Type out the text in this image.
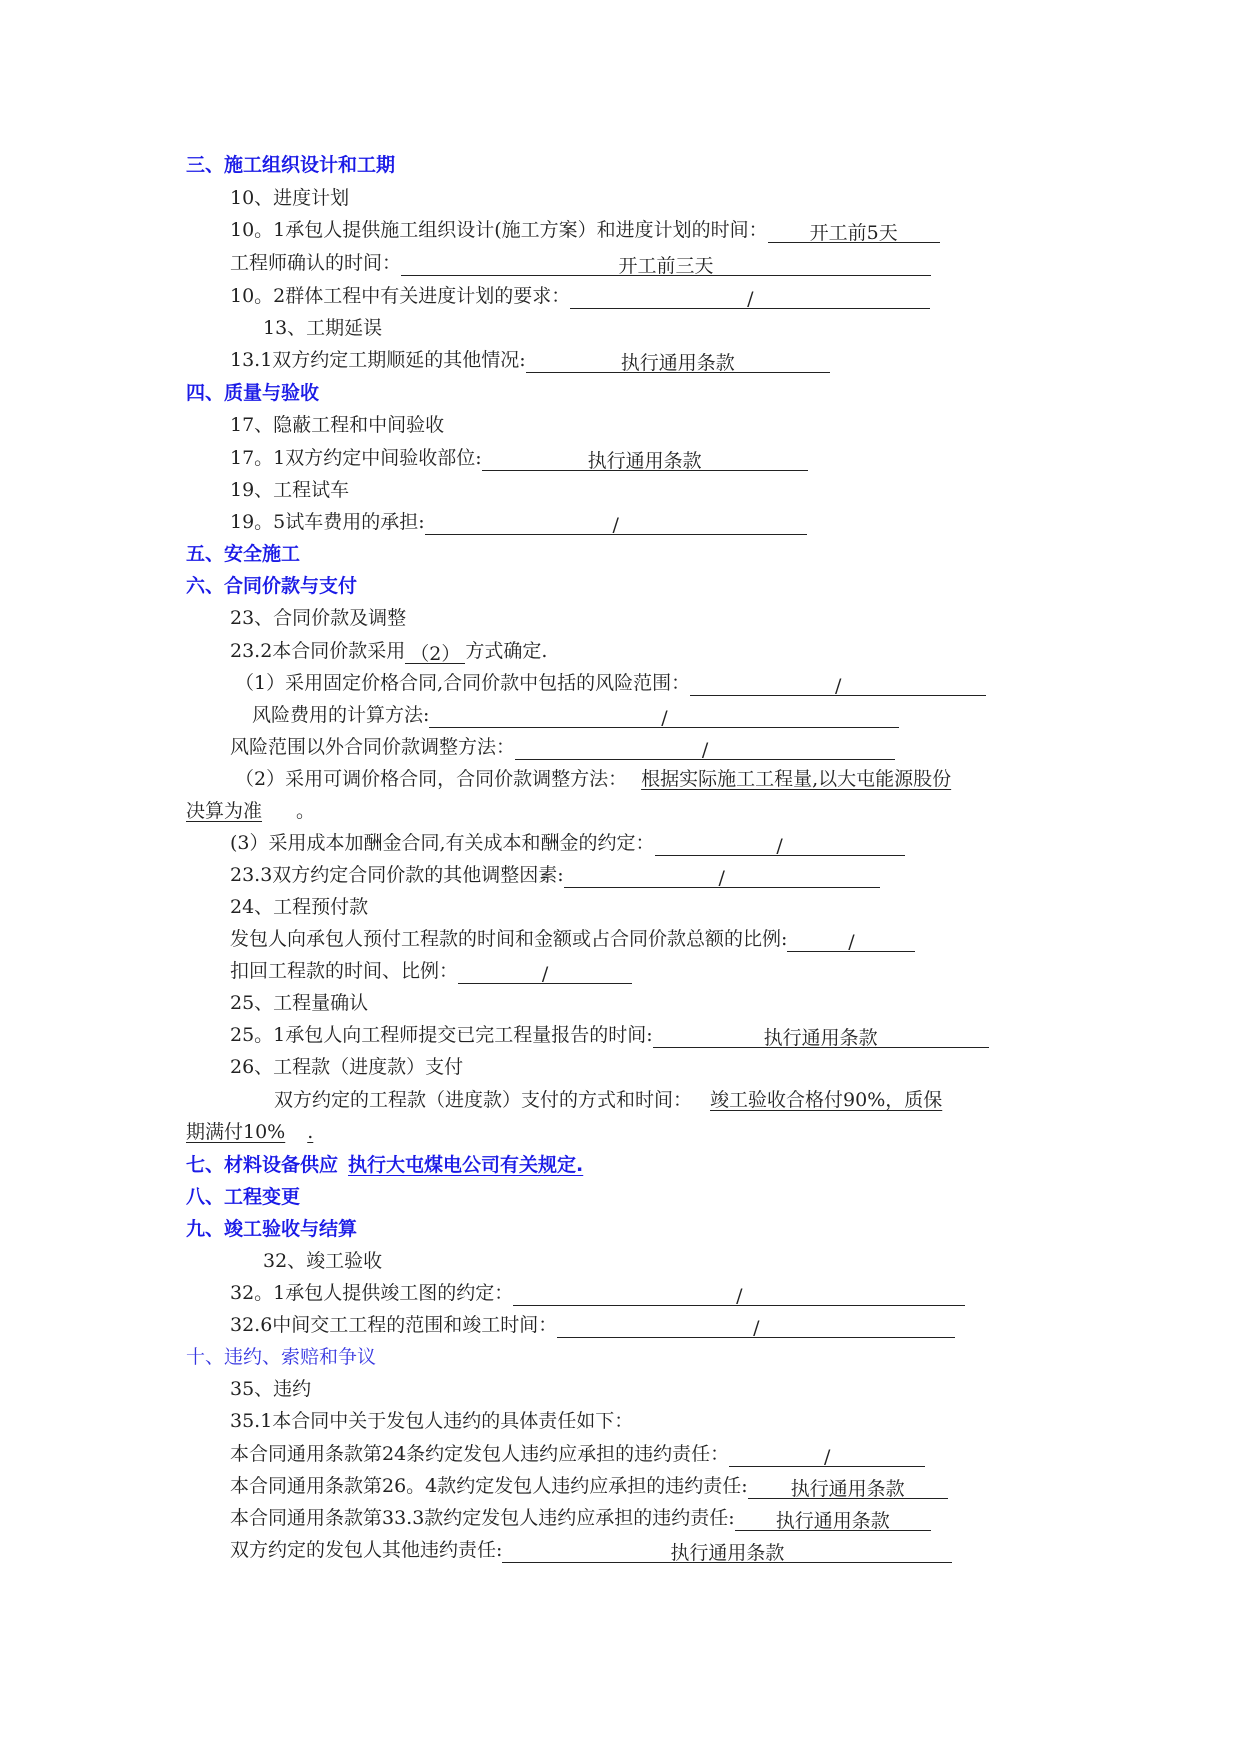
三、施工组织设计和工期
10、进度计划
10。1承包人提供施工组织设计(施工方案）和进度计划的时间： 开工前5天
工程师确认的时间：	开工前三天
10。2群体工程中有关进度计划的要求：	/
13、工期延误
13.1双方约定工期顺延的其他情况:	执行通用条款
四、质量与验收
17、隐蔽工程和中间验收
17。1双方约定中间验收部位:	执行通用条款
19、工程试车
19。5试车费用的承担:	/
五、安全施工
六、合同价款与支付
23、合同价款及调整
23.2本合同价款采用 （2） 方式确定.
（1）采用固定价格合同,合同价款中包括的风险范围：	/
风险费用的计算方法:	/
风险范围以外合同价款调整方法：	/
（2）采用可调价格合同，合同价款调整方法： 根据实际施工工程量,以大屯能源股份
决算为准 。
(3）采用成本加酬金合同,有关成本和酬金的约定：	/
23.3双方约定合同价款的其他调整因素:	/
24、工程预付款
发包人向承包人预付工程款的时间和金额或占合同价款总额的比例:	/
扣回工程款的时间、比例：	/
25、工程量确认
25。1承包人向工程师提交已完工程量报告的时间:	执行通用条款
26、工程款（进度款）支付
双方约定的工程款（进度款）支付的方式和时间： 竣工验收合格付90%，质保
期满付10% .
七、材料设备供应 执行大屯煤电公司有关规定.
八、工程变更
九、竣工验收与结算
32、竣工验收
32。1承包人提供竣工图的约定：	/
32.6中间交工工程的范围和竣工时间：	/
十、违约、索赔和争议
35、违约
35.1本合同中关于发包人违约的具体责任如下：
本合同通用条款第24条约定发包人违约应承担的违约责任：	/
本合同通用条款第26。4款约定发包人违约应承担的违约责任: 执行通用条款
本合同通用条款第33.3款约定发包人违约应承担的违约责任: 执行通用条款
双方约定的发包人其他违约责任:	执行通用条款
